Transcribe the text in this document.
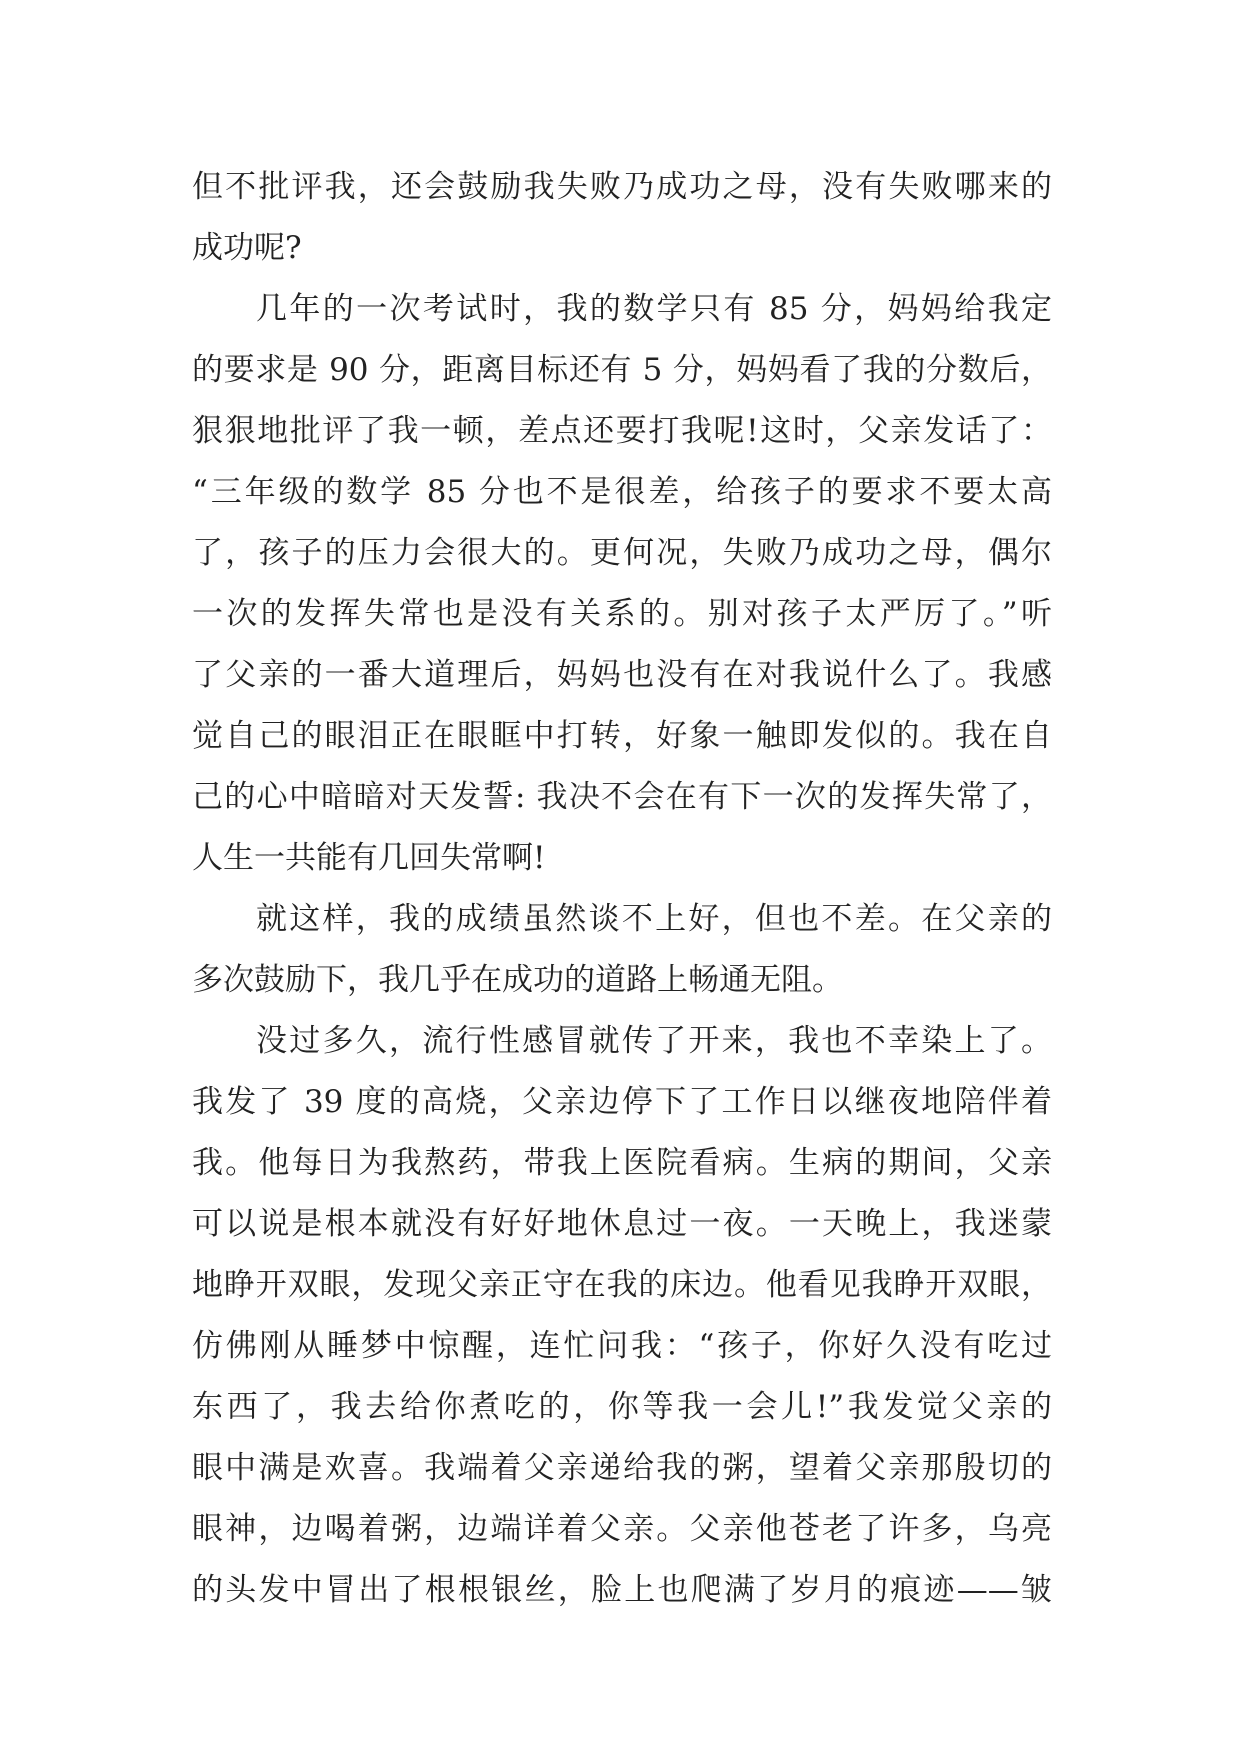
但不批评我，还会鼓励我失败乃成功之母，没有失败哪来的
成功呢?
几年的一次考试时，我的数学只有 85 分，妈妈给我定
的要求是 90 分，距离目标还有 5 分，妈妈看了我的分数后，
狠狠地批评了我一顿，差点还要打我呢!这时，父亲发话了：
“三年级的数学 85 分也不是很差，给孩子的要求不要太高
了，孩子的压力会很大的。更何况，失败乃成功之母，偶尔
一次的发挥失常也是没有关系的。别对孩子太严厉了。”听
了父亲的一番大道理后，妈妈也没有在对我说什么了。我感
觉自己的眼泪正在眼眶中打转，好象一触即发似的。我在自
己的心中暗暗对天发誓: 我决不会在有下一次的发挥失常了，
人生一共能有几回失常啊!
就这样，我的成绩虽然谈不上好，但也不差。在父亲的
多次鼓励下，我几乎在成功的道路上畅通无阻。
没过多久，流行性感冒就传了开来，我也不幸染上了。
我发了 39 度的高烧，父亲边停下了工作日以继夜地陪伴着
我。他每日为我熬药，带我上医院看病。生病的期间，父亲
可以说是根本就没有好好地休息过一夜。一天晚上，我迷蒙
地睁开双眼，发现父亲正守在我的床边。他看见我睁开双眼，
仿佛刚从睡梦中惊醒，连忙问我：“孩子，你好久没有吃过
东西了，我去给你煮吃的，你等我一会儿!”我发觉父亲的
眼中满是欢喜。我端着父亲递给我的粥，望着父亲那殷切的
眼神，边喝着粥，边端详着父亲。父亲他苍老了许多，乌亮
的头发中冒出了根根银丝，脸上也爬满了岁月的痕迹——皱
